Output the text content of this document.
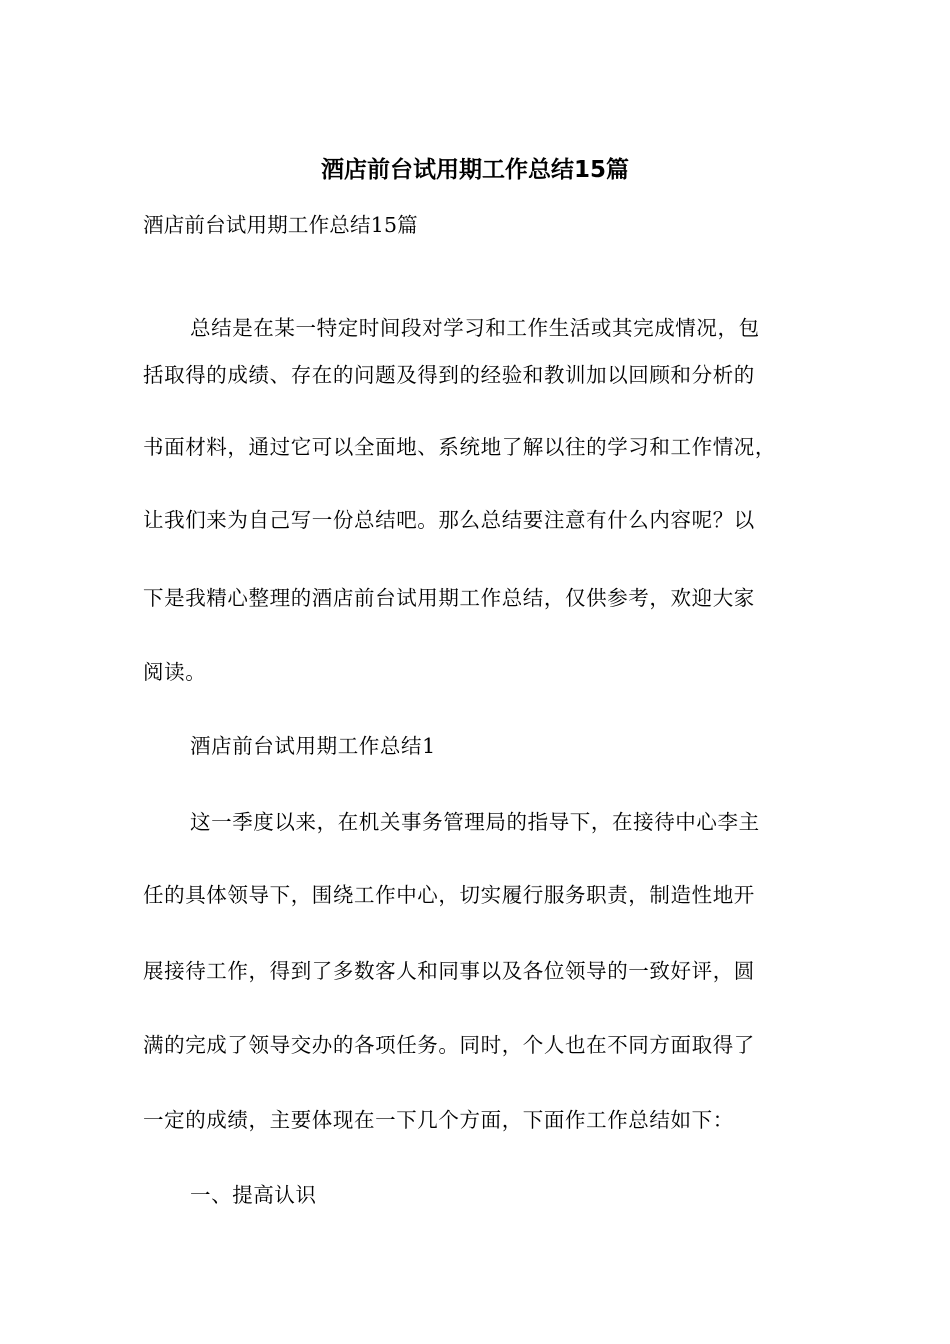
酒店前台试用期工作总结15篇
酒店前台试用期工作总结15篇
总结是在某一特定时间段对学习和工作生活或其完成情况，包
括取得的成绩、存在的问题及得到的经验和教训加以回顾和分析的
书面材料，通过它可以全面地、系统地了解以往的学习和工作情况，
让我们来为自己写一份总结吧。那么总结要注意有什么内容呢？以
下是我精心整理的酒店前台试用期工作总结，仅供参考，欢迎大家
阅读。
酒店前台试用期工作总结1
这一季度以来，在机关事务管理局的指导下，在接待中心李主
任的具体领导下，围绕工作中心，切实履行服务职责，制造性地开
展接待工作，得到了多数客人和同事以及各位领导的一致好评，圆
满的完成了领导交办的各项任务。同时，个人也在不同方面取得了
一定的成绩，主要体现在一下几个方面，下面作工作总结如下：
一、提高认识
